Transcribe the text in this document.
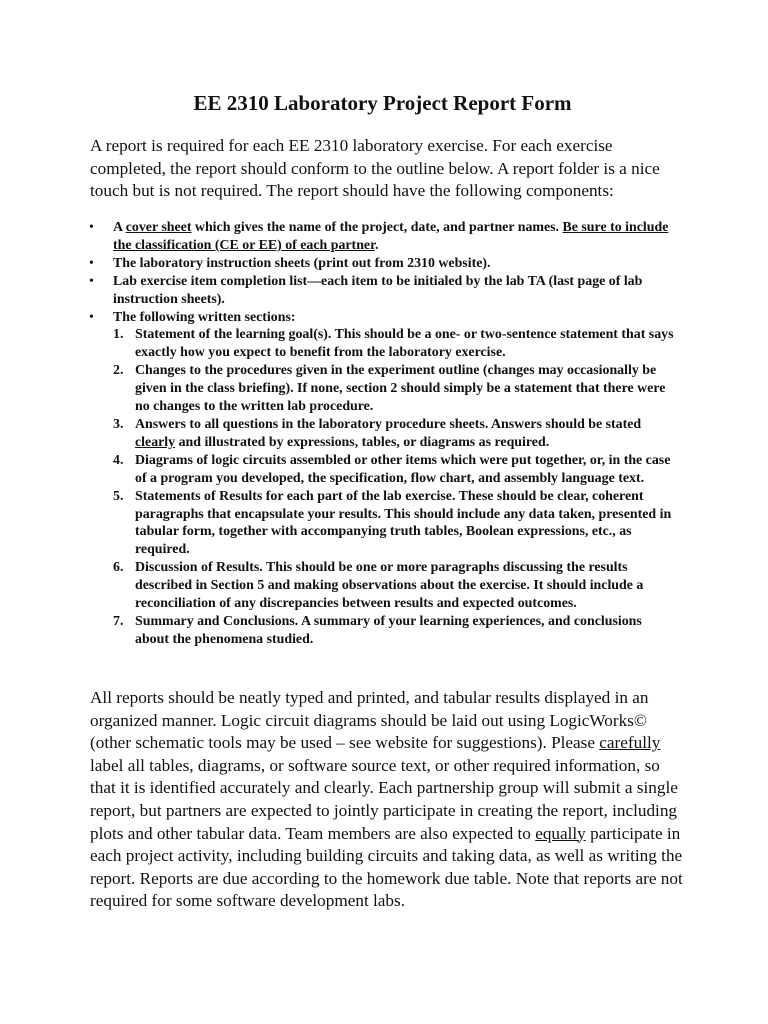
EE 2310 Laboratory Project Report Form

A report is required for each EE 2310 laboratory exercise. For each exercise completed, the report should conform to the outline below. A report folder is a nice touch but is not required. The report should have the following components:

• A cover sheet which gives the name of the project, date, and partner names. Be sure to include the classification (CE or EE) of each partner.
• The laboratory instruction sheets (print out from 2310 website).
• Lab exercise item completion list—each item to be initialed by the lab TA (last page of lab instruction sheets).
• The following written sections:
1. Statement of the learning goal(s). This should be a one- or two-sentence statement that says exactly how you expect to benefit from the laboratory exercise.
2. Changes to the procedures given in the experiment outline (changes may occasionally be given in the class briefing). If none, section 2 should simply be a statement that there were no changes to the written lab procedure.
3. Answers to all questions in the laboratory procedure sheets. Answers should be stated clearly and illustrated by expressions, tables, or diagrams as required.
4. Diagrams of logic circuits assembled or other items which were put together, or, in the case of a program you developed, the specification, flow chart, and assembly language text.
5. Statements of Results for each part of the lab exercise. These should be clear, coherent paragraphs that encapsulate your results. This should include any data taken, presented in tabular form, together with accompanying truth tables, Boolean expressions, etc., as required.
6. Discussion of Results. This should be one or more paragraphs discussing the results described in Section 5 and making observations about the exercise. It should include a reconciliation of any discrepancies between results and expected outcomes.
7. Summary and Conclusions. A summary of your learning experiences, and conclusions about the phenomena studied.

All reports should be neatly typed and printed, and tabular results displayed in an organized manner. Logic circuit diagrams should be laid out using LogicWorks© (other schematic tools may be used – see website for suggestions). Please carefully label all tables, diagrams, or software source text, or other required information, so that it is identified accurately and clearly. Each partnership group will submit a single report, but partners are expected to jointly participate in creating the report, including plots and other tabular data. Team members are also expected to equally participate in each project activity, including building circuits and taking data, as well as writing the report. Reports are due according to the homework due table. Note that reports are not required for some software development labs.
